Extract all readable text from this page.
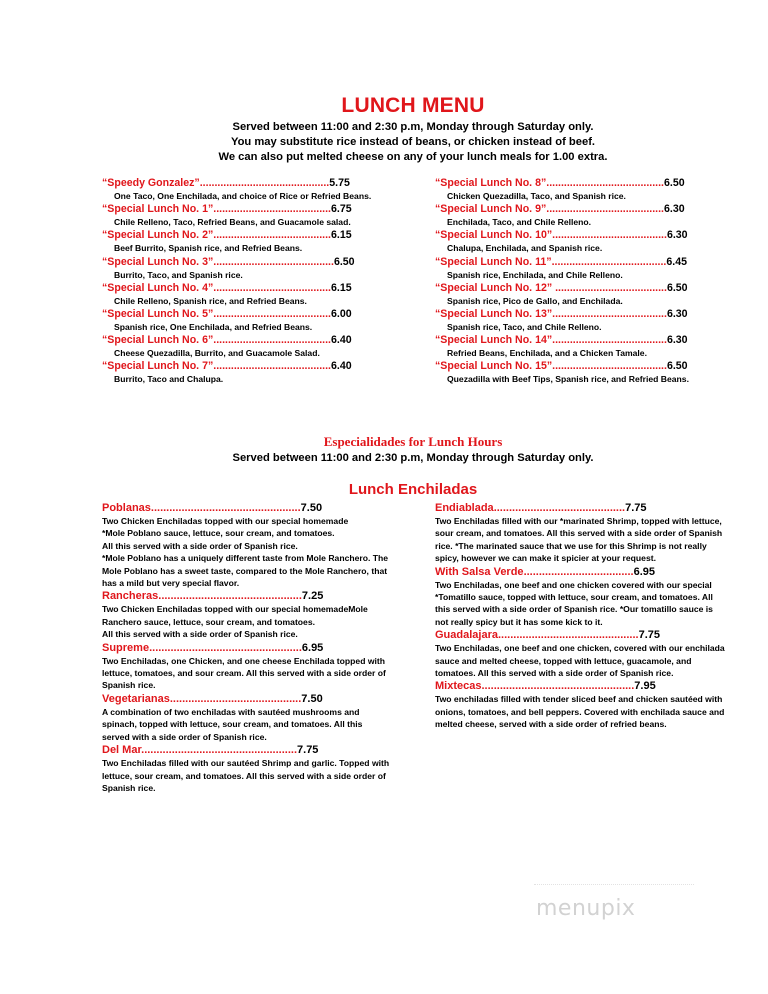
LUNCH MENU
Served between 11:00 and 2:30 p.m, Monday through Saturday only.
You may substitute rice instead of beans, or chicken instead of beef.
We can also put melted cheese on any of your lunch meals for 1.00 extra.
“Speedy Gonzalez”............................................5.75
One Taco, One Enchilada, and choice of Rice or Refried Beans.
“Special Lunch No. 1”........................................6.75
Chile Relleno, Taco, Refried Beans, and Guacamole salad.
“Special Lunch No. 2”........................................6.15
Beef Burrito, Spanish rice, and Refried Beans.
“Special Lunch No. 3”.........................................6.50
Burrito, Taco, and Spanish rice.
“Special Lunch No. 4”........................................6.15
Chile Relleno, Spanish rice, and Refried Beans.
“Special Lunch No. 5”........................................6.00
Spanish rice, One Enchilada, and Refried Beans.
“Special Lunch No. 6”........................................6.40
Cheese Quezadilla, Burrito, and Guacamole Salad.
“Special Lunch No. 7”........................................6.40
Burrito, Taco and Chalupa.
“Special Lunch No. 8”........................................6.50
Chicken Quezadilla, Taco, and Spanish rice.
“Special Lunch No. 9”........................................6.30
Enchilada, Taco, and Chile Relleno.
“Special Lunch No. 10”.......................................6.30
Chalupa, Enchilada, and Spanish rice.
“Special Lunch No. 11”.......................................6.45
Spanish rice, Enchilada, and Chile Relleno.
“Special Lunch No. 12” ......................................6.50
Spanish rice, Pico de Gallo, and Enchilada.
“Special Lunch No. 13”.......................................6.30
Spanish rice, Taco, and Chile Relleno.
“Special Lunch No. 14”.......................................6.30
Refried Beans, Enchilada, and a Chicken Tamale.
“Special Lunch No. 15”.......................................6.50
Quezadilla with Beef Tips, Spanish rice, and Refried Beans.
Especialidades for Lunch Hours
Served between 11:00 and 2:30 p.m, Monday through Saturday only.
Lunch Enchiladas
Poblanas.................................................7.50
Two Chicken Enchiladas topped with our special homemade
*Mole Poblano sauce, lettuce, sour cream, and tomatoes.
All this served with a side order of Spanish rice.
*Mole Poblano has a uniquely different taste from Mole Ranchero. The Mole Poblano has a sweet taste, compared to the Mole Ranchero, that has a mild but very special flavor.
Rancheras...............................................7.25
Two Chicken Enchiladas topped with our special homemadeMole Ranchero sauce, lettuce, sour cream, and tomatoes.
All this served with a side order of Spanish rice.
Supreme..................................................6.95
Two Enchiladas, one Chicken, and one cheese Enchilada topped with lettuce, tomatoes, and sour cream. All this served with a side order of Spanish rice.
Vegetarianas...........................................7.50
A combination of two enchiladas with sautéed mushrooms and spinach, topped with lettuce, sour cream, and tomatoes. All this served with a side order of Spanish rice.
Del Mar...................................................7.75
Two Enchiladas filled with our sautéed Shrimp and garlic. Topped with lettuce, sour cream, and tomatoes. All this served with a side order of Spanish rice.
Endiablada...........................................7.75
Two Enchiladas filled with our *marinated Shrimp, topped with lettuce, sour cream, and tomatoes. All this served with a side order of Spanish rice. *The marinated sauce that we use for this Shrimp is not really spicy, however we can make it spicier at your request.
With Salsa Verde....................................6.95
Two Enchiladas, one beef and one chicken covered with our special *Tomatillo sauce, topped with lettuce, sour cream, and tomatoes. All this served with a side order of Spanish rice. *Our tomatillo sauce is not really spicy but it has some kick to it.
Guadalajara..............................................7.75
Two Enchiladas, one beef and one chicken, covered with our enchilada sauce and melted cheese, topped with lettuce, guacamole, and tomatoes. All this served with a side order of Spanish rice.
Mixtecas..................................................7.95
Two enchiladas filled with tender sliced beef and chicken sautéed with onions, tomatoes, and bell peppers. Covered with enchilada sauce and melted cheese, served with a side order of refried beans.
menupix
